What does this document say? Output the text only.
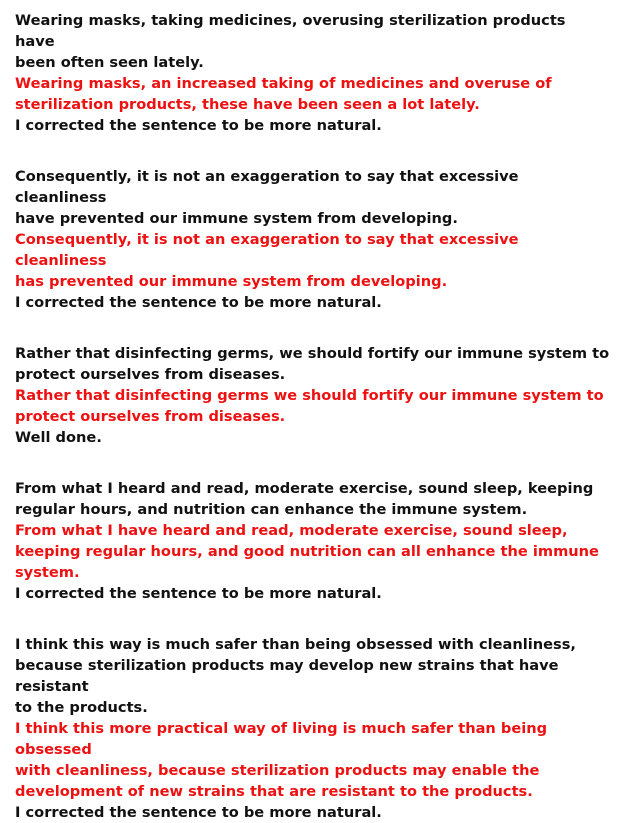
Wearing masks, taking medicines, overusing sterilization products have
been often seen lately.

Wearing masks, an increased taking of medicines and overuse of
sterilization products, these have been seen a lot lately.

I corrected the sentence to be more natural.

Consequently, it is not an exaggeration to say that excessive cleanliness
have prevented our immune system from developing.

Consequently, it is not an exaggeration to say that excessive cleanliness
has prevented our immune system from developing.

I corrected the sentence to be more natural.

Rather that disinfecting germs, we should fortify our immune system to
protect ourselves from diseases.

Rather that disinfecting germs we should fortify our immune system to
protect ourselves from diseases.

Well done.

From what I heard and read, moderate exercise, sound sleep, keeping
regular hours, and nutrition can enhance the immune system.

From what I have heard and read, moderate exercise, sound sleep,
keeping regular hours, and good nutrition can all enhance the immune
system.

I corrected the sentence to be more natural.

I think this way is much safer than being obsessed with cleanliness,
because sterilization products may develop new strains that have resistant
to the products.

I think this more practical way of living is much safer than being obsessed
with cleanliness, because sterilization products may enable the
development of new strains that are resistant to the products.

I corrected the sentence to be more natural.
